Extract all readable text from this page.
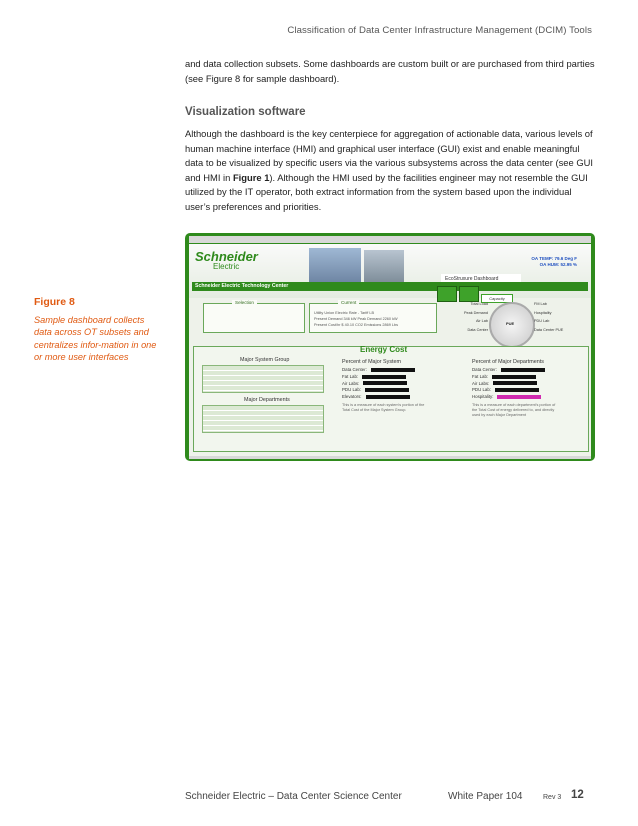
Classification of Data Center Infrastructure Management (DCIM) Tools
and data collection subsets. Some dashboards are custom built or are purchased from third parties (see Figure 8 for sample dashboard).
Visualization software
Although the dashboard is the key centerpiece for aggregation of actionable data, various levels of human machine interface (HMI) and graphical user interface (GUI) exist and enable meaningful data to be visualized by specific users via the various subsystems across the data center (see GUI and HMI in Figure 1). Although the HMI used by the facilities engineer may not resemble the GUI utilized by the IT operator, both extract information from the system based upon the individual user’s preferences and priorities.
Figure 8
Sample dashboard collects data across OT subsets and centralizes infor-mation in one or more user interfaces
Schneider
Electric
OA TEMP: 79.6 Deg F
OA HUM: 52.95 %
EcoStruxure Dashboard
Schneider Electric Technology Center
Capacity
Selection	Current
Utility Union Electric Rate - Tariff LB
Present Demand 346 kW Peak Demand 2260 kW
Present Cost/hr $ 40.10 CO2 Emissions 2869 Lbs
Total Load
Peak Demand
Air Lab
Data Center
PUE
FM Lab
Hospitality
PDU Lab
Data Center PUE
Energy Cost
Major System Group
Major Departments
Percent of Major System
Data Center:
Fat Lab:
Air Labs:
PDU Lab:
Elevators:
This is a measure of each system's portion of the Total Cost of the Major System Group.
Percent of Major Departments
Data Center:
Fat Lab:
Air Labs:
PDU Lab:
Hospitality:
This is a measure of each department's portion of the Total Cost of energy delivered to, and directly used by each Major Department
Schneider Electric – Data Center Science Center	White Paper 104	Rev 3 12
